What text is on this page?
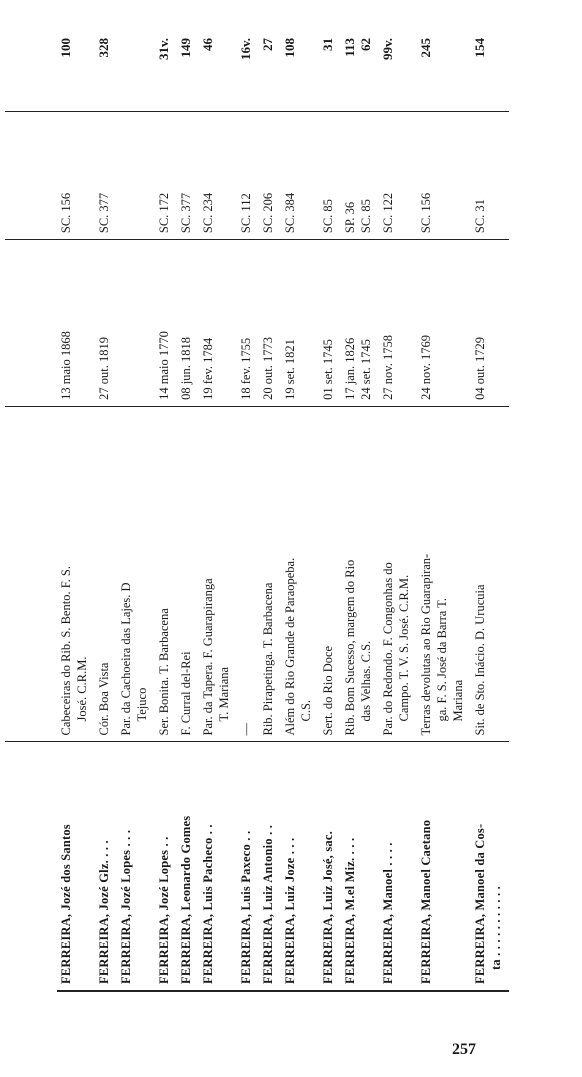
FERREIRA, Jozé dos Santos	Cabeceiras do Rib. S. Bento. F. S. José. C.R.M.	13 maio 1868	SC. 156	100

FERREIRA, Jozé Glz. . . .	Cór. Boa Vista	27 out. 1819	SC. 377	328

FERREIRA, Jozé Lopes . . .	Par. da Cachoeira das Lajes. D Tejuco			

FERREIRA, Jozé Lopes . .	Ser. Bonita. T. Barbacena	14 maio 1770	SC. 172	31v.

FERREIRA, Leonardo Gomes	F. Curral del-Rei	08 jun. 1818	SC. 377	149

FERREIRA, Luis Pacheco . .	Par. da Tapera. F. Guarapiranga T. Mariana	19 fev. 1784	SC. 234	46

FERREIRA, Luis Paxeco . .	—	18 fev. 1755	SC. 112	16v.

FERREIRA, Luiz Antonio . .	Rib. Pirapetinga. T. Barbacena	20 out. 1773	SC. 206	27

FERREIRA, Luiz Joze . . .	Além do Rio Grande de Paraopeba. C.S.	19 set. 1821	SC. 384	108

FERREIRA, Luiz José, sac.	Sert. do Rio Doce	01 set. 1745	SC. 85	31

FERREIRA, M.el Miz. . . .	Rib. Bom Sucesso, margem do Rio das Velhas. C.S.	17 jan. 1826 24 set. 1745	SP. 36 SC. 85	113 62

FERREIRA, Manoel . . . .	Par. do Redondo. F. Congonhas do Campo. T. V. S. José. C.R.M.	27 nov. 1758	SC. 122	99v.

FERREIRA, Manoel Caetano	Terras devolutas ao Rio Guarapiran- ga. F. S. José da Barra T. Mariana	24 nov. 1769	SC. 156	245

FERREIRA, Manoel da Cos- ta . . . . . . . . . . .	Sit. de Sto. Inácio. D. Urucuia	04 out. 1729	SC. 31	154
257
